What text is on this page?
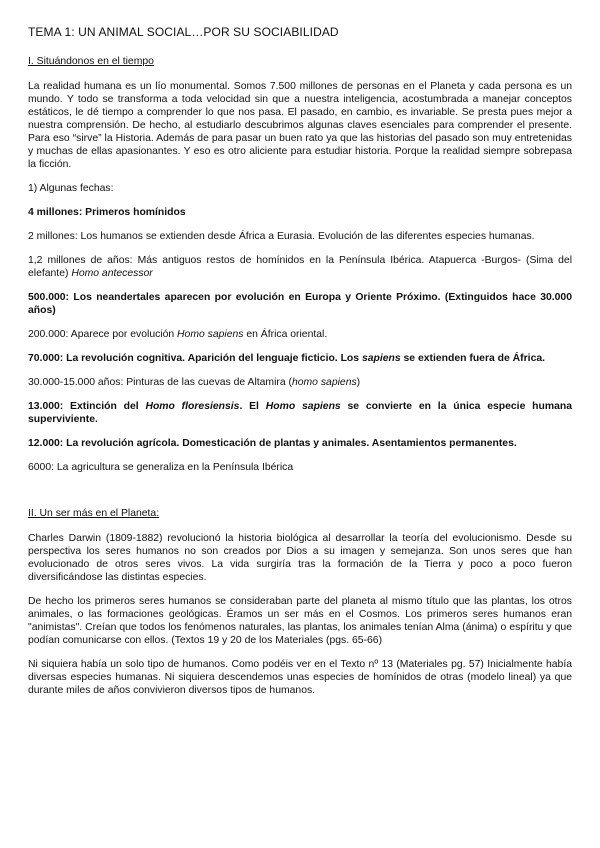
TEMA 1: UN ANIMAL SOCIAL…POR SU SOCIABILIDAD
I. Situándonos en el tiempo

La realidad humana es un lío monumental. Somos 7.500 millones de personas en el Planeta y cada persona es un mundo. Y todo se transforma a toda velocidad sin que a nuestra inteligencia, acostumbrada a manejar conceptos estáticos, le dé tiempo a comprender lo que nos pasa. El pasado, en cambio, es invariable. Se presta pues mejor a nuestra comprensión. De hecho, al estudiarlo descubrimos algunas claves esenciales para comprender el presente. Para eso “sirve” la Historia. Además de para pasar un buen rato ya que las historias del pasado son muy entretenidas y muchas de ellas apasionantes. Y eso es otro aliciente para estudiar historia. Porque la realidad siempre sobrepasa la ficción.

1) Algunas fechas:

4 millones: Primeros homínidos

2 millones: Los humanos se extienden desde África a Eurasia. Evolución de las diferentes especies humanas.

1,2 millones de años: Más antiguos restos de homínidos en la Península Ibérica. Atapuerca -Burgos- (Sima del elefante) Homo antecessor

500.000: Los neandertales aparecen por evolución en Europa y Oriente Próximo. (Extinguidos hace 30.000 años)

200.000: Aparece por evolución Homo sapiens en África oriental.

70.000: La revolución cognitiva. Aparición del lenguaje ficticio. Los sapiens se extienden fuera de África.

30.000-15.000 años: Pinturas de las cuevas de Altamira (homo sapiens)

13.000: Extinción del Homo floresiensis. El Homo sapiens se convierte en la única especie humana superviviente.

12.000: La revolución agrícola. Domesticación de plantas y animales. Asentamientos permanentes.

6000: La agricultura se generaliza en la Península Ibérica

II. Un ser más en el Planeta:

Charles Darwin (1809-1882) revolucionó la historia biológica al desarrollar la teoría del evolucionismo. Desde su perspectiva los seres humanos no son creados por Dios a su imagen y semejanza. Son unos seres que han evolucionado de otros seres vivos. La vida surgiría tras la formación de la Tierra y poco a poco fueron diversificándose las distintas especies.

De hecho los primeros seres humanos se consideraban parte del planeta al mismo título que las plantas, los otros animales, o las formaciones geológicas. Éramos un ser más en el Cosmos. Los primeros seres humanos eran "animistas". Creían que todos los fenómenos naturales, las plantas, los animales tenían Alma (ánima) o espíritu y que podían comunicarse con ellos. (Textos 19 y 20 de los Materiales (pgs. 65-66)

Ni siquiera había un solo tipo de humanos. Como podéis ver en el Texto nº 13 (Materiales pg. 57) Inicialmente había diversas especies humanas. Ni siquiera descendemos unas especies de homínidos de otras (modelo lineal) ya que durante miles de años convivieron diversos tipos de humanos.
